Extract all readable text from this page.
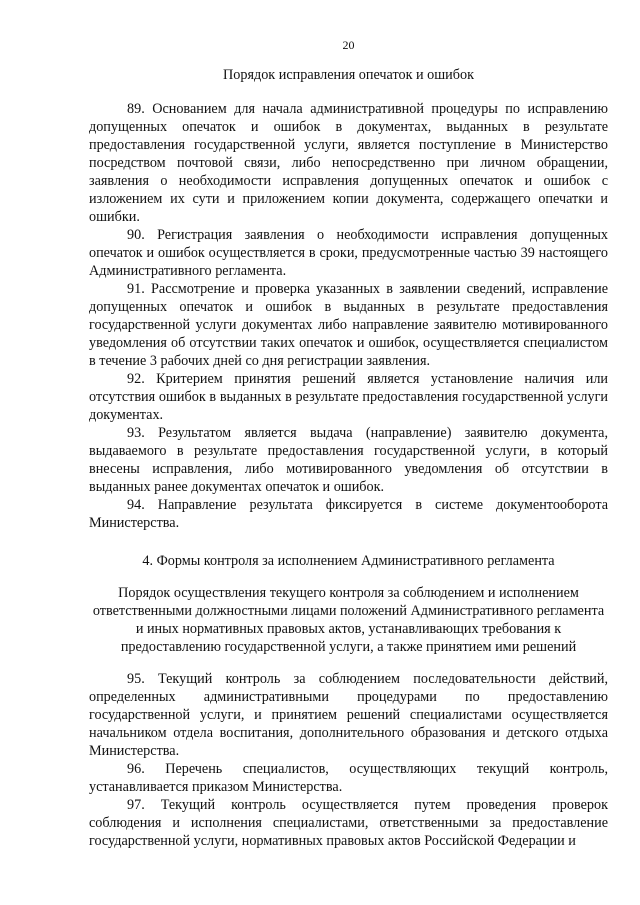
20
Порядок исправления опечаток и ошибок

89. Основанием для начала административной процедуры по исправлению допущенных опечаток и ошибок в документах, выданных в результате предоставления государственной услуги, является поступление в Министерство посредством почтовой связи, либо непосредственно при личном обращении, заявления о необходимости исправления допущенных опечаток и ошибок с изложением их сути и приложением копии документа, содержащего опечатки и ошибки.

90. Регистрация заявления о необходимости исправления допущенных опечаток и ошибок осуществляется в сроки, предусмотренные частью 39 настоящего Административного регламента.

91. Рассмотрение и проверка указанных в заявлении сведений, исправление допущенных опечаток и ошибок в выданных в результате предоставления государственной услуги документах либо направление заявителю мотивированного уведомления об отсутствии таких опечаток и ошибок, осуществляется специалистом в течение 3 рабочих дней со дня регистрации заявления.

92. Критерием принятия решений является установление наличия или отсутствия ошибок в выданных в результате предоставления государственной услуги документах.

93. Результатом является выдача (направление) заявителю документа, выдаваемого в результате предоставления государственной услуги, в который внесены исправления, либо мотивированного уведомления об отсутствии в выданных ранее документах опечаток и ошибок.

94. Направление результата фиксируется в системе документооборота Министерства.

4. Формы контроля за исполнением Административного регламента
Порядок осуществления текущего контроля за соблюдением и исполнением ответственными должностными лицами положений Административного регламента и иных нормативных правовых актов, устанавливающих требования к предоставлению государственной услуги, а также принятием ими решений

95. Текущий контроль за соблюдением последовательности действий, определенных административными процедурами по предоставлению государственной услуги, и принятием решений специалистами осуществляется начальником отдела воспитания, дополнительного образования и детского отдыха Министерства.

96. Перечень специалистов, осуществляющих текущий контроль, устанавливается приказом Министерства.

97. Текущий контроль осуществляется путем проведения проверок соблюдения и исполнения специалистами, ответственными за предоставление государственной услуги, нормативных правовых актов Российской Федерации и
